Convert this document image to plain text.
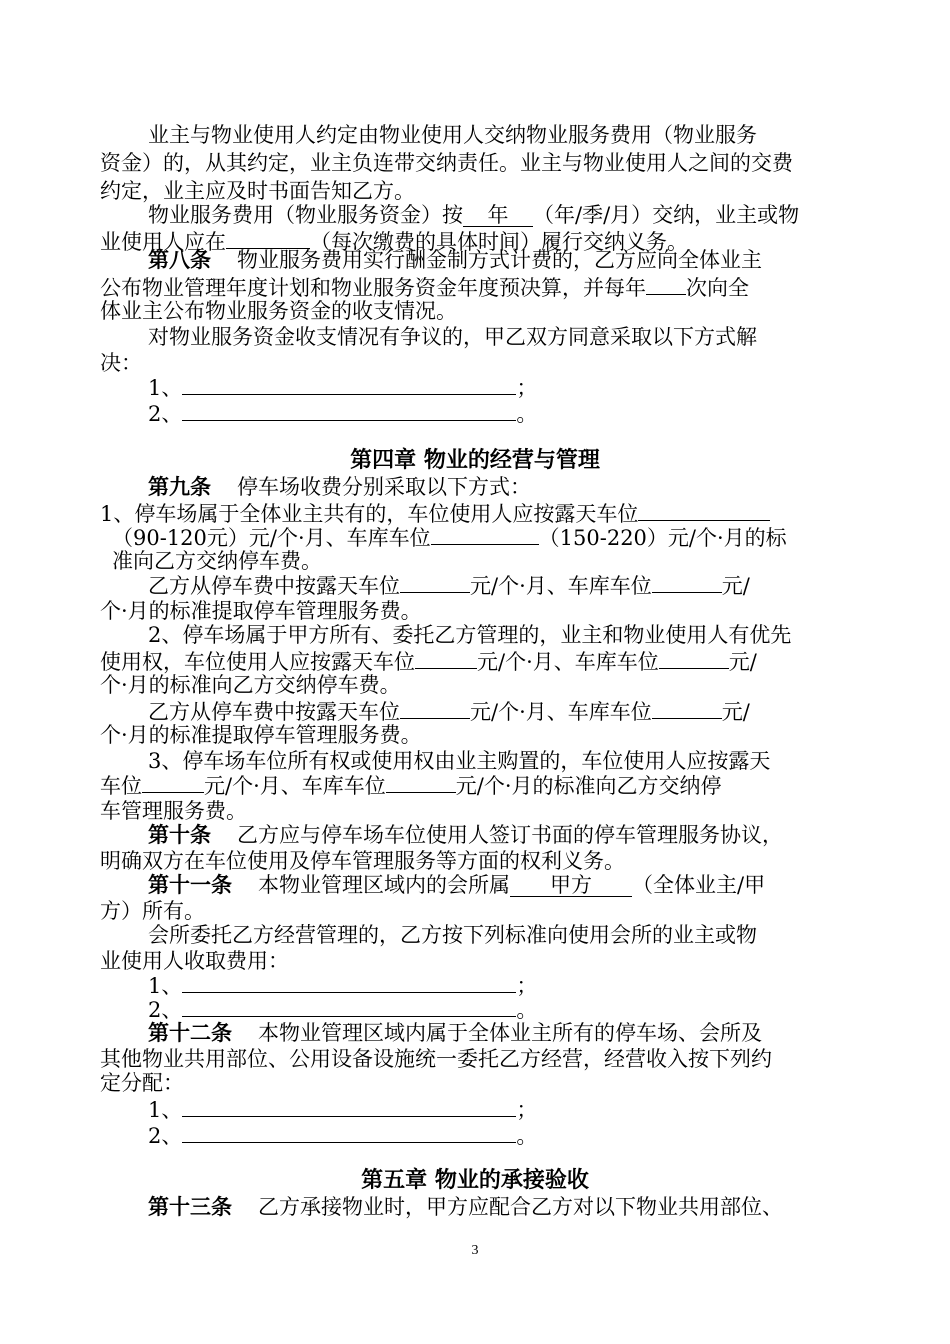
业主与物业使用人约定由物业使用人交纳物业服务费用（物业服务
资金）的，从其约定，业主负连带交纳责任。业主与物业使用人之间的交费
约定，业主应及时书面告知乙方。
物业服务费用（物业服务资金）按 年 （年/季/月）交纳，业主或物
业使用人应在	（每次缴费的具体时间）履行交纳义务。
第八条 物业服务费用实行酬金制方式计费的，乙方应向全体业主
公布物业管理年度计划和物业服务资金年度预决算，并每年 次向全
体业主公布物业服务资金的收支情况。
对物业服务资金收支情况有争议的，甲乙双方同意采取以下方式解
决：
1、	；
2、	。
第四章 物业的经营与管理
第九条 停车场收费分别采取以下方式：
1、停车场属于全体业主共有的，车位使用人应按露天车位
（90-120元）元/个·月、车库车位	（150-220）元/个·月的标
准向乙方交纳停车费。
乙方从停车费中按露天车位	元/个·月、车库车位	元/
个·月的标准提取停车管理服务费。
2、停车场属于甲方所有、委托乙方管理的，业主和物业使用人有优先
使用权，车位使用人应按露天车位	元/个·月、车库车位	元/
个·月的标准向乙方交纳停车费。
乙方从停车费中按露天车位	元/个·月、车库车位	元/
个·月的标准提取停车管理服务费。
3、停车场车位所有权或使用权由业主购置的，车位使用人应按露天
车位	元/个·月、车库车位	元/个·月的标准向乙方交纳停
车管理服务费。
第十条 乙方应与停车场车位使用人签订书面的停车管理服务协议，
明确双方在车位使用及停车管理服务等方面的权利义务。
第十一条 本物业管理区域内的会所属 甲方 （全体业主/甲
方）所有。
会所委托乙方经营管理的，乙方按下列标准向使用会所的业主或物
业使用人收取费用：
1、	；
2、	。
第十二条 本物业管理区域内属于全体业主所有的停车场、会所及
其他物业共用部位、公用设备设施统一委托乙方经营，经营收入按下列约
定分配：
1、	；
2、	。
第五章 物业的承接验收
第十三条 乙方承接物业时，甲方应配合乙方对以下物业共用部位、
3
